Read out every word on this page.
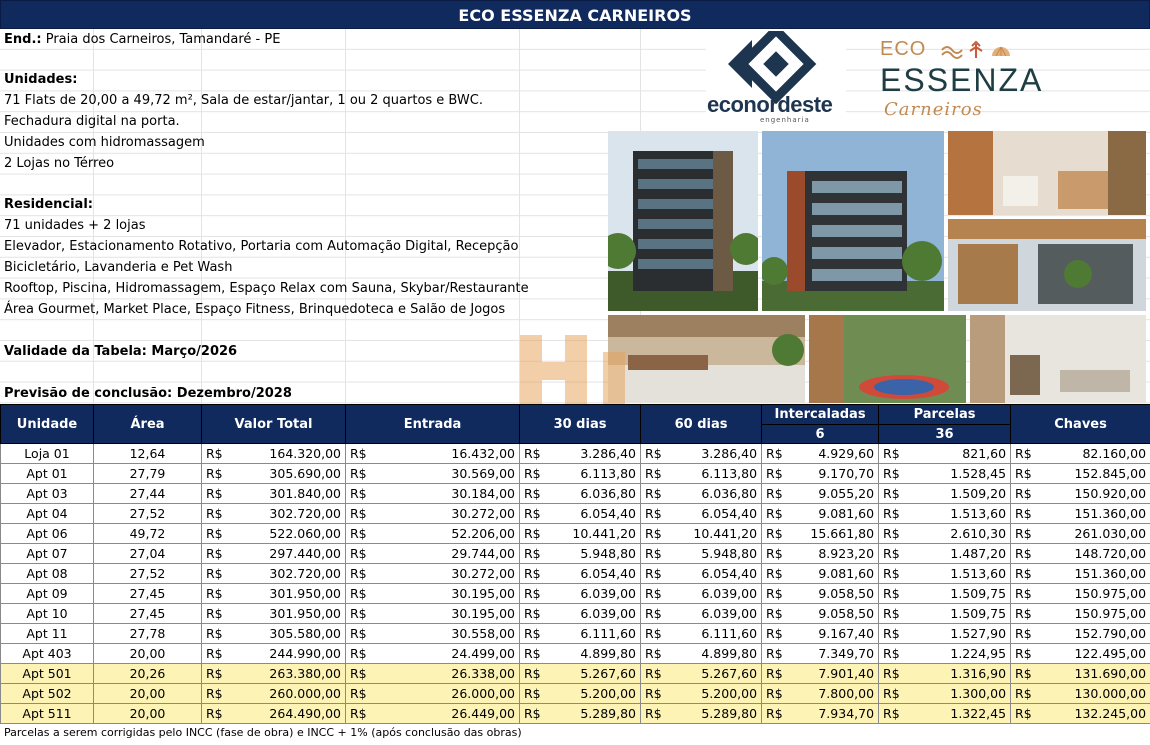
ECO ESSENZA CARNEIROS
End.: Praia dos Carneiros, Tamandaré - PE
Unidades:
71 Flats de 20,00 a 49,72 m², Sala de estar/jantar, 1 ou 2 quartos e BWC.
Fechadura digital na porta.
Unidades com hidromassagem
2 Lojas no Térreo
Residencial:
71 unidades + 2 lojas
Elevador, Estacionamento Rotativo, Portaria com Automação Digital, Recepção
Bicicletário, Lavanderia e Pet Wash
Rooftop, Piscina, Hidromassagem, Espaço Relax com Sauna, Skybar/Restaurante
Área Gourmet, Market Place, Espaço Fitness, Brinquedoteca e Salão de Jogos
Validade da Tabela: Março/2026
Previsão de conclusão: Dezembro/2028
econordeste
engenharia
ECO
ESSENZA
Carneiros
Unidade	Área	Valor Total		Entrada		30 dias		60 dias		Intercaladas		Parcelas		Chaves	
										6		36			
Loja 01	12,64	R$	164.320,00	R$	16.432,00	R$	3.286,40	R$	3.286,40	R$	4.929,60	R$	821,60	R$	82.160,00
Apt 01	27,79	R$	305.690,00	R$	30.569,00	R$	6.113,80	R$	6.113,80	R$	9.170,70	R$	1.528,45	R$	152.845,00
Apt 03	27,44	R$	301.840,00	R$	30.184,00	R$	6.036,80	R$	6.036,80	R$	9.055,20	R$	1.509,20	R$	150.920,00
Apt 04	27,52	R$	302.720,00	R$	30.272,00	R$	6.054,40	R$	6.054,40	R$	9.081,60	R$	1.513,60	R$	151.360,00
Apt 06	49,72	R$	522.060,00	R$	52.206,00	R$	10.441,20	R$	10.441,20	R$	15.661,80	R$	2.610,30	R$	261.030,00
Apt 07	27,04	R$	297.440,00	R$	29.744,00	R$	5.948,80	R$	5.948,80	R$	8.923,20	R$	1.487,20	R$	148.720,00
Apt 08	27,52	R$	302.720,00	R$	30.272,00	R$	6.054,40	R$	6.054,40	R$	9.081,60	R$	1.513,60	R$	151.360,00
Apt 09	27,45	R$	301.950,00	R$	30.195,00	R$	6.039,00	R$	6.039,00	R$	9.058,50	R$	1.509,75	R$	150.975,00
Apt 10	27,45	R$	301.950,00	R$	30.195,00	R$	6.039,00	R$	6.039,00	R$	9.058,50	R$	1.509,75	R$	150.975,00
Apt 11	27,78	R$	305.580,00	R$	30.558,00	R$	6.111,60	R$	6.111,60	R$	9.167,40	R$	1.527,90	R$	152.790,00
Apt 403	20,00	R$	244.990,00	R$	24.499,00	R$	4.899,80	R$	4.899,80	R$	7.349,70	R$	1.224,95	R$	122.495,00
Apt 501	20,26	R$	263.380,00	R$	26.338,00	R$	5.267,60	R$	5.267,60	R$	7.901,40	R$	1.316,90	R$	131.690,00
Apt 502	20,00	R$	260.000,00	R$	26.000,00	R$	5.200,00	R$	5.200,00	R$	7.800,00	R$	1.300,00	R$	130.000,00
Apt 511	20,00	R$	264.490,00	R$	26.449,00	R$	5.289,80	R$	5.289,80	R$	7.934,70	R$	1.322,45	R$	132.245,00
Parcelas a serem corrigidas pelo INCC (fase de obra) e INCC + 1% (após conclusão das obras)
